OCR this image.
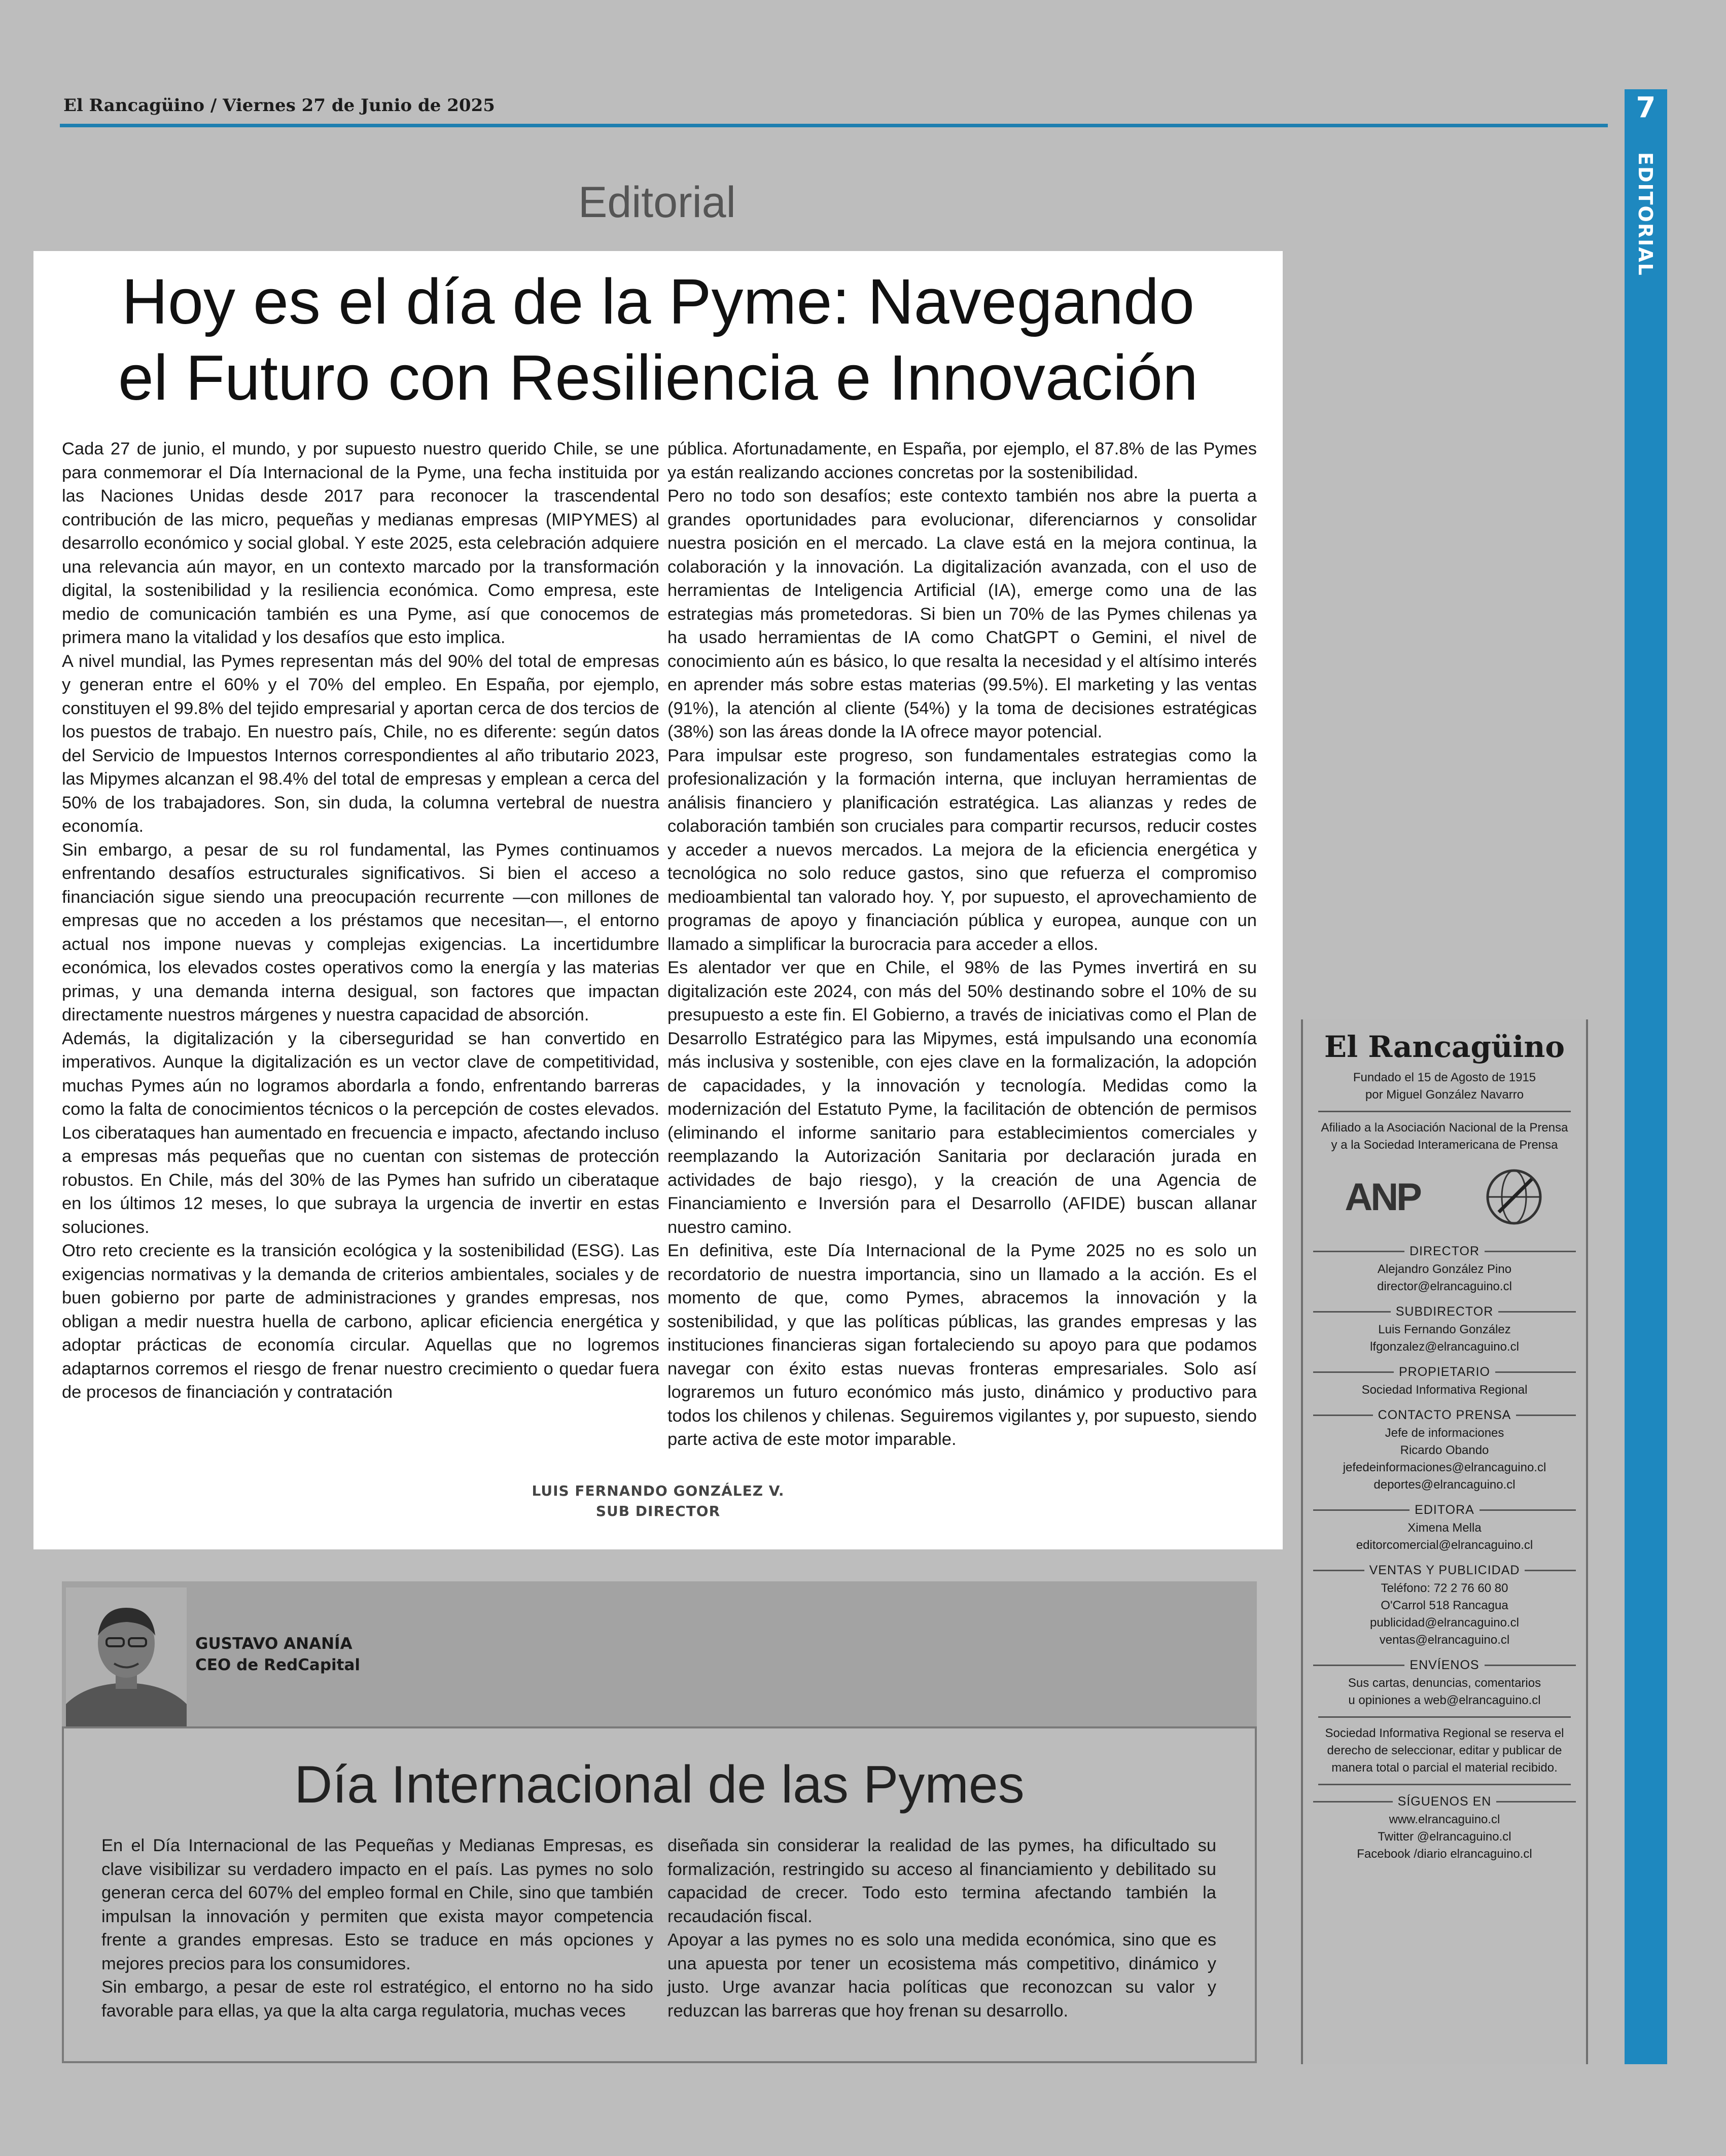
El Rancagüino / Viernes 27 de Junio de 2025	7
EDITORIAL
Editorial
Hoy es el día de la Pyme: Navegando
el Futuro con Resiliencia e Innovación

Cada 27 de junio, el mundo, y por supuesto nuestro querido Chile, se une para conmemorar el Día Internacional de la Pyme, una fecha instituida por las Naciones Unidas desde 2017 para reconocer la trascendental contribución de las micro, pequeñas y medianas empresas (MIPYMES) al desarrollo económico y social global. Y este 2025, esta celebración adquiere una relevancia aún mayor, en un contexto marcado por la transformación digital, la sostenibilidad y la resiliencia económica. Como empresa, este medio de comunicación también es una Pyme, así que conocemos de primera mano la vitalidad y los desafíos que esto implica.

A nivel mundial, las Pymes representan más del 90% del total de empresas y generan entre el 60% y el 70% del empleo. En España, por ejemplo, constituyen el 99.8% del tejido empresarial y aportan cerca de dos tercios de los puestos de trabajo. En nuestro país, Chile, no es diferente: según datos del Servicio de Impuestos Internos correspondientes al año tributario 2023, las Mipymes alcanzan el 98.4% del total de empresas y emplean a cerca del 50% de los trabajadores. Son, sin duda, la columna vertebral de nuestra economía.

Sin embargo, a pesar de su rol fundamental, las Pymes continuamos enfrentando desafíos estructurales significativos. Si bien el acceso a financiación sigue siendo una preocupación recurrente —con millones de empresas que no acceden a los préstamos que necesitan—, el entorno actual nos impone nuevas y complejas exigencias. La incertidumbre económica, los elevados costes operativos como la energía y las materias primas, y una demanda interna desigual, son factores que impactan directamente nuestros márgenes y nuestra capacidad de absorción.

Además, la digitalización y la ciberseguridad se han convertido en imperativos. Aunque la digitalización es un vector clave de competitividad, muchas Pymes aún no logramos abordarla a fondo, enfrentando barreras como la falta de conocimientos técnicos o la percepción de costes elevados. Los ciberataques han aumentado en frecuencia e impacto, afectando incluso a empresas más pequeñas que no cuentan con sistemas de protección robustos. En Chile, más del 30% de las Pymes han sufrido un ciberataque en los últimos 12 meses, lo que subraya la urgencia de invertir en estas soluciones.

Otro reto creciente es la transición ecológica y la sostenibilidad (ESG). Las exigencias normativas y la demanda de criterios ambientales, sociales y de buen gobierno por parte de administraciones y grandes empresas, nos obligan a medir nuestra huella de carbono, aplicar eficiencia energética y adoptar prácticas de economía circular. Aquellas que no logremos adaptarnos corremos el riesgo de frenar nuestro crecimiento o quedar fuera de procesos de financiación y contratación

pública. Afortunadamente, en España, por ejemplo, el 87.8% de las Pymes ya están realizando acciones concretas por la sostenibilidad.

Pero no todo son desafíos; este contexto también nos abre la puerta a grandes oportunidades para evolucionar, diferenciarnos y consolidar nuestra posición en el mercado. La clave está en la mejora continua, la colaboración y la innovación. La digitalización avanzada, con el uso de herramientas de Inteligencia Artificial (IA), emerge como una de las estrategias más prometedoras. Si bien un 70% de las Pymes chilenas ya ha usado herramientas de IA como ChatGPT o Gemini, el nivel de conocimiento aún es básico, lo que resalta la necesidad y el altísimo interés en aprender más sobre estas materias (99.5%). El marketing y las ventas (91%), la atención al cliente (54%) y la toma de decisiones estratégicas (38%) son las áreas donde la IA ofrece mayor potencial.

Para impulsar este progreso, son fundamentales estrategias como la profesionalización y la formación interna, que incluyan herramientas de análisis financiero y planificación estratégica. Las alianzas y redes de colaboración también son cruciales para compartir recursos, reducir costes y acceder a nuevos mercados. La mejora de la eficiencia energética y tecnológica no solo reduce gastos, sino que refuerza el compromiso medioambiental tan valorado hoy. Y, por supuesto, el aprovechamiento de programas de apoyo y financiación pública y europea, aunque con un llamado a simplificar la burocracia para acceder a ellos.

Es alentador ver que en Chile, el 98% de las Pymes invertirá en su digitalización este 2024, con más del 50% destinando sobre el 10% de su presupuesto a este fin. El Gobierno, a través de iniciativas como el Plan de Desarrollo Estratégico para las Mipymes, está impulsando una economía más inclusiva y sostenible, con ejes clave en la formalización, la adopción de capacidades, y la innovación y tecnología. Medidas como la modernización del Estatuto Pyme, la facilitación de obtención de permisos (eliminando el informe sanitario para establecimientos comerciales y reemplazando la Autorización Sanitaria por declaración jurada en actividades de bajo riesgo), y la creación de una Agencia de Financiamiento e Inversión para el Desarrollo (AFIDE) buscan allanar nuestro camino.

En definitiva, este Día Internacional de la Pyme 2025 no es solo un recordatorio de nuestra importancia, sino un llamado a la acción. Es el momento de que, como Pymes, abracemos la innovación y la sostenibilidad, y que las políticas públicas, las grandes empresas y las instituciones financieras sigan fortaleciendo su apoyo para que podamos navegar con éxito estas nuevas fronteras empresariales. Solo así lograremos un futuro económico más justo, dinámico y productivo para todos los chilenos y chilenas. Seguiremos vigilantes y, por supuesto, siendo parte activa de este motor imparable.

LUIS FERNANDO GONZÁLEZ V.
SUB DIRECTOR
GUSTAVO ANANÍA
CEO de RedCapital
Día Internacional de las Pymes

En el Día Internacional de las Pequeñas y Medianas Empresas, es clave visibilizar su verdadero impacto en el país. Las pymes no solo generan cerca del 607% del empleo formal en Chile, sino que también impulsan la innovación y permiten que exista mayor competencia frente a grandes empresas. Esto se traduce en más opciones y mejores precios para los consumidores.

Sin embargo, a pesar de este rol estratégico, el entorno no ha sido favorable para ellas, ya que la alta carga regulatoria, muchas veces

diseñada sin considerar la realidad de las pymes, ha dificultado su formalización, restringido su acceso al financiamiento y debilitado su capacidad de crecer. Todo esto termina afectando también la recaudación fiscal.

Apoyar a las pymes no es solo una medida económica, sino que es una apuesta por tener un ecosistema más competitivo, dinámico y justo. Urge avanzar hacia políticas que reconozcan su valor y reduzcan las barreras que hoy frenan su desarrollo.

El Rancagüino
Fundado el 15 de Agosto de 1915
por Miguel González Navarro
Afiliado a la Asociación Nacional de la Prensa
y a la Sociedad Interamericana de Prensa
ANP
DIRECTOR
Alejandro González Pino
director@elrancaguino.cl
SUBDIRECTOR
Luis Fernando González
lfgonzalez@elrancaguino.cl
PROPIETARIO
Sociedad Informativa Regional
CONTACTO PRENSA
Jefe de informaciones
Ricardo Obando
jefedeinformaciones@elrancaguino.cl
deportes@elrancaguino.cl
EDITORA
Ximena Mella
editorcomercial@elrancaguino.cl
VENTAS Y PUBLICIDAD
Teléfono: 72 2 76 60 80
O'Carrol 518 Rancagua
publicidad@elrancaguino.cl
ventas@elrancaguino.cl
ENVÍENOS
Sus cartas, denuncias, comentarios
u opiniones a web@elrancaguino.cl
Sociedad Informativa Regional se reserva el
derecho de seleccionar, editar y publicar de
manera total o parcial el material recibido.
SÍGUENOS EN
www.elrancaguino.cl
Twitter @elrancaguino.cl
Facebook /diario elrancaguino.cl
